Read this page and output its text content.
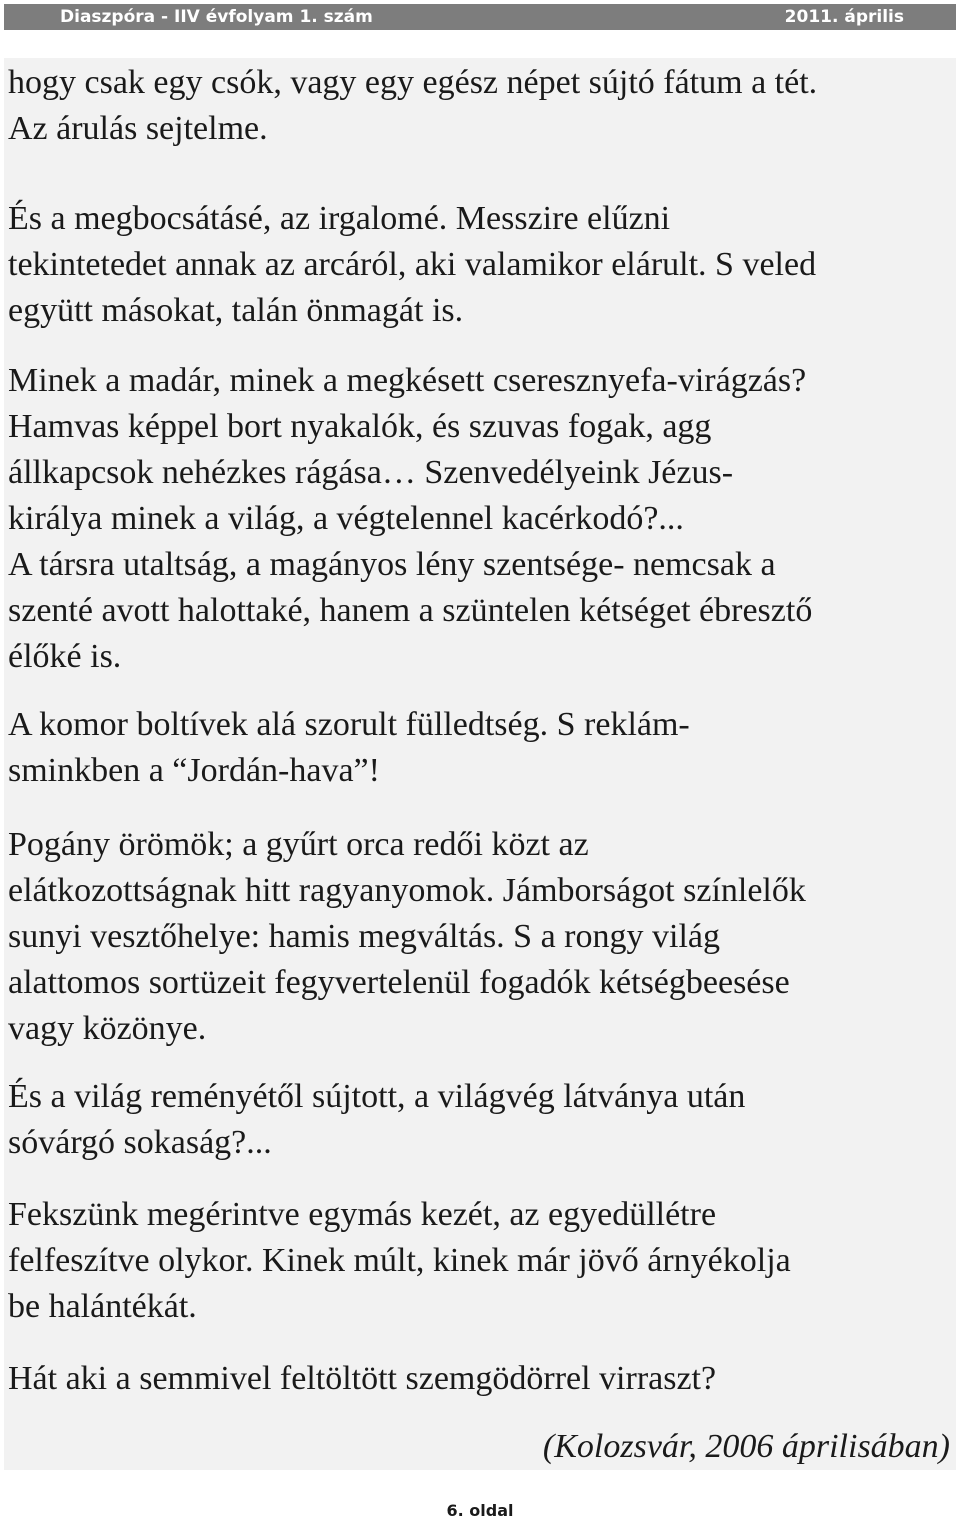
Diaszpóra - IIV évfolyam 1. szám	2011. április

hogy csak egy csók, vagy egy egész népet sújtó fátum a tét.
Az árulás sejtelme.

És a megbocsátásé, az irgalomé. Messzire elűzni
tekintetedet annak az arcáról, aki valamikor elárult. S veled
együtt másokat, talán önmagát is.

Minek a madár, minek a megkésett cseresznyefa-virágzás?
Hamvas képpel bort nyakalók, és szuvas fogak, agg
állkapcsok nehézkes rágása… Szenvedélyeink Jézus-
királya minek a világ, a végtelennel kacérkodó?...
A társra utaltság, a magányos lény szentsége- nemcsak a
szenté avott halottaké, hanem a szüntelen kétséget ébresztő
élőké is.

A komor boltívek alá szorult fülledtség. S reklám-
sminkben a “Jordán-hava”!

Pogány örömök; a gyűrt orca redői közt az
elátkozottságnak hitt ragyanyomok. Jámborságot színlelők
sunyi vesztőhelye: hamis megváltás. S a rongy világ
alattomos sortüzeit fegyvertelenül fogadók kétségbeesése
vagy közönye.

És a világ reményétől sújtott, a világvég látványa után
sóvárgó sokaság?...

Fekszünk megérintve egymás kezét, az egyedüllétre
felfeszítve olykor. Kinek múlt, kinek már jövő árnyékolja
be halántékát.

Hát aki a semmivel feltöltött szemgödörrel virraszt?

(Kolozsvár, 2006 áprilisában)
6. oldal
